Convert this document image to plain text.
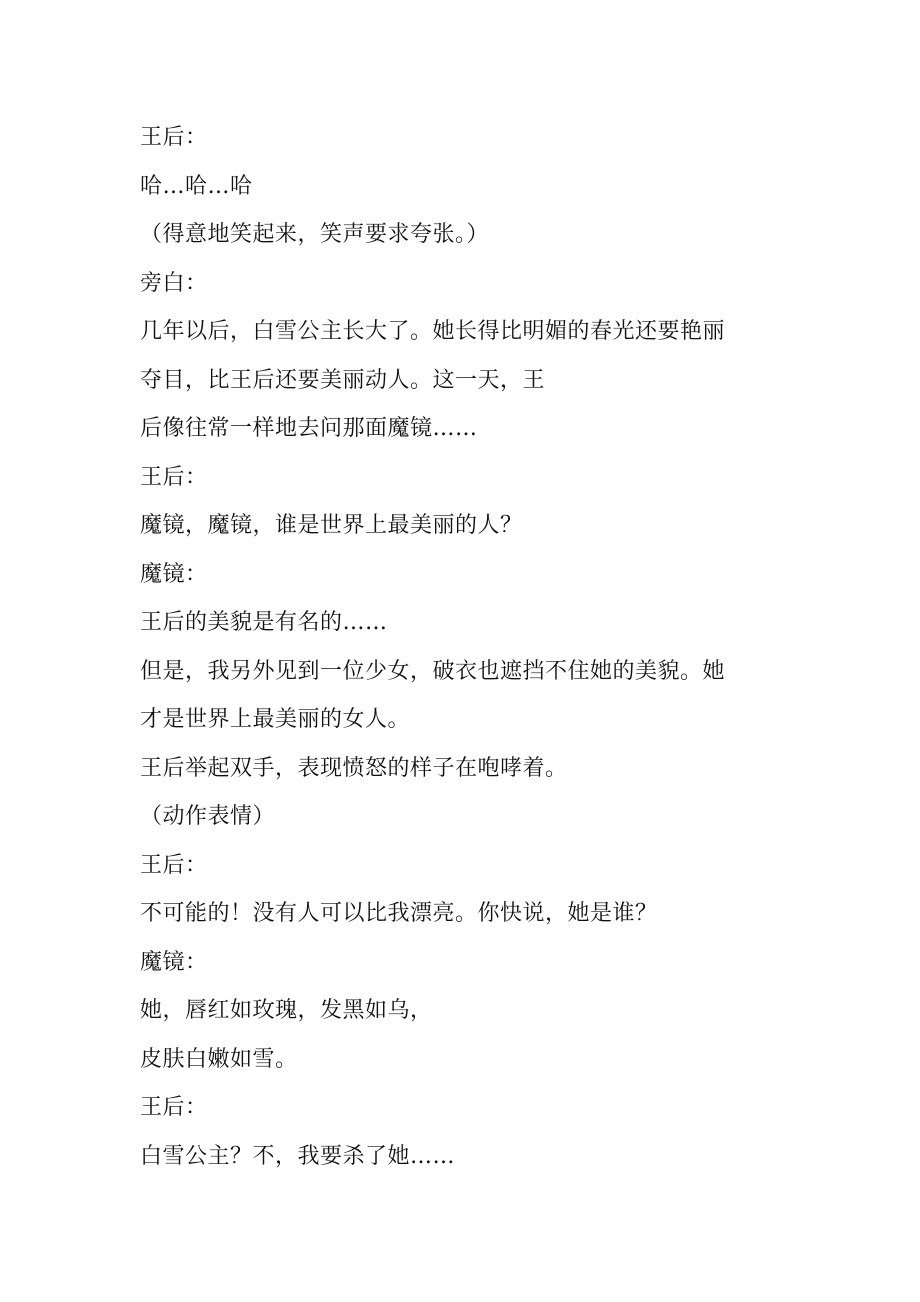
王后：
哈…哈…哈
（得意地笑起来，笑声要求夸张。）
旁白：
几年以后，白雪公主长大了。她长得比明媚的春光还要艳丽
夺目，比王后还要美丽动人。这一天，王
后像往常一样地去问那面魔镜……
王后：
魔镜，魔镜，谁是世界上最美丽的人？
魔镜：
王后的美貌是有名的……
但是，我另外见到一位少女，破衣也遮挡不住她的美貌。她
才是世界上最美丽的女人。
王后举起双手，表现愤怒的样子在咆哮着。
（动作表情）
王后：
不可能的！没有人可以比我漂亮。你快说，她是谁？
魔镜：
她，唇红如玫瑰，发黑如乌，
皮肤白嫩如雪。
王后：
白雪公主？不，我要杀了她……
